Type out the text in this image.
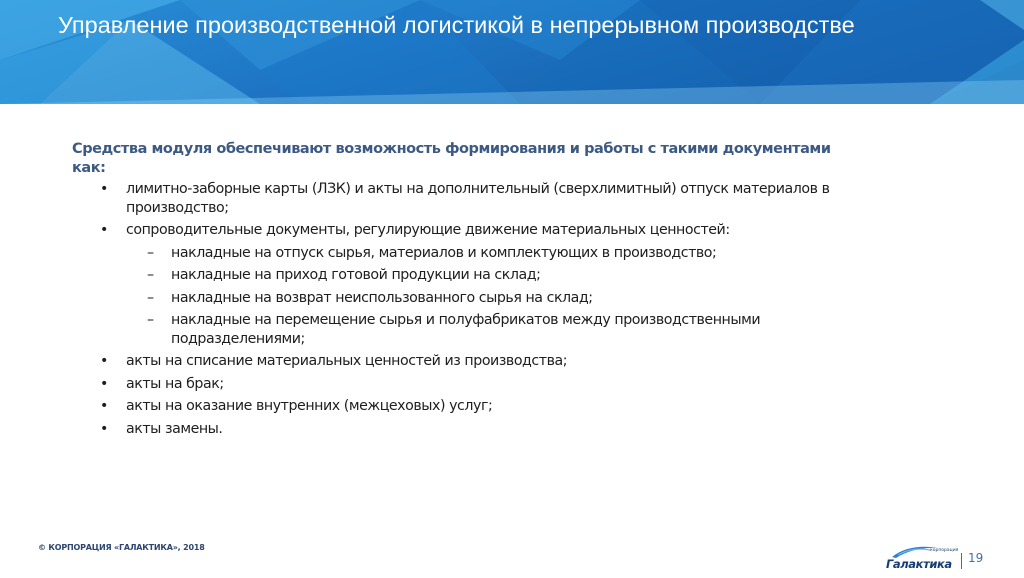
Управление производственной логистикой в непрерывном производстве

Средства модуля обеспечивают возможность формирования и работы с такими документами как:

• лимитно-заборные карты (ЛЗК) и акты на дополнительный (сверхлимитный) отпуск материалов в производство;
• сопроводительные документы, регулирующие движение материальных ценностей:
– накладные на отпуск сырья, материалов и комплектующих в производство;
– накладные на приход готовой продукции на склад;
– накладные на возврат неиспользованного сырья на склад;
– накладные на перемещение сырья и полуфабрикатов между производственными подразделениями;
• акты на списание материальных ценностей из производства;
• акты на брак;
• акты на оказание внутренних (межцеховых) услуг;
• акты замены.
© КОРПОРАЦИЯ «ГАЛАКТИКА», 2018	корпорация
Галактика 19
